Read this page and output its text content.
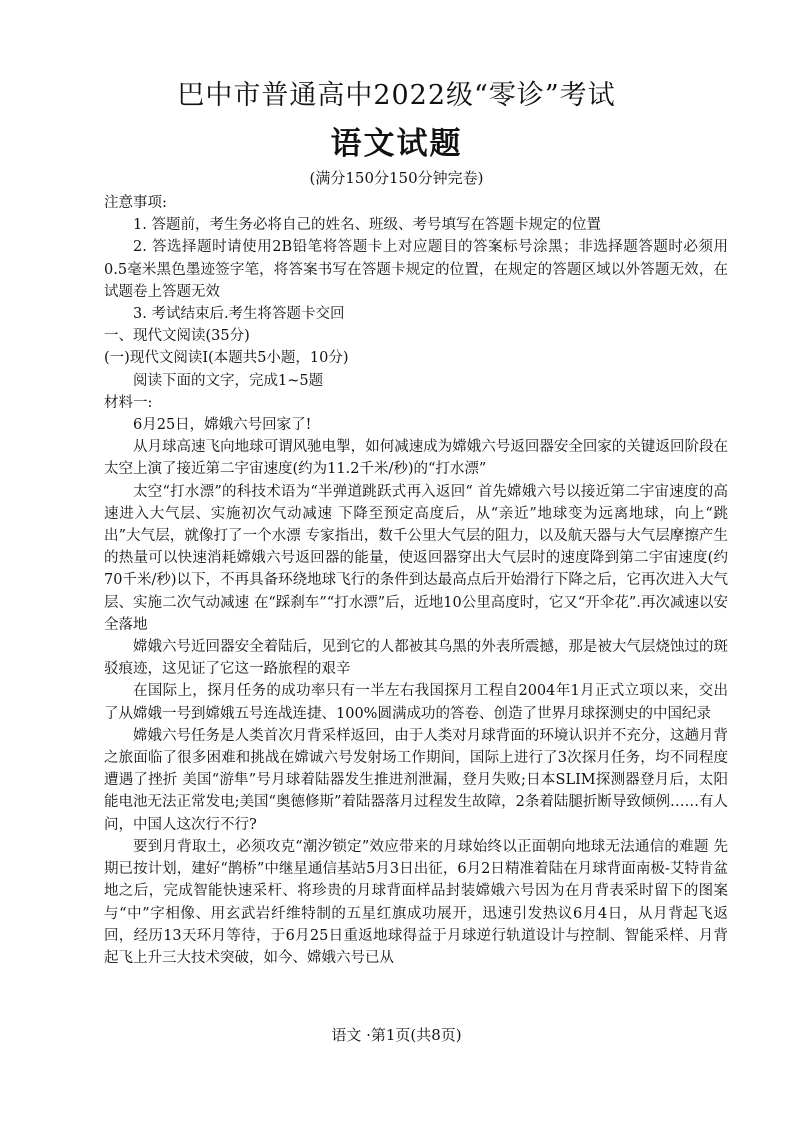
巴中市普通高中2022级“零诊”考试
语文试题
(满分150分150分钟完卷)

注意事项:

1. 答题前，考生务必将自己的姓名、班级、考号填写在答题卡规定的位置

2. 答选择题时请使用2B铅笔将答题卡上对应题目的答案标号涂黑；非选择题答题时必须用0.5毫米黑色墨迹签字笔，将答案书写在答题卡规定的位置，在规定的答题区域以外答题无效，在试题卷上答题无效

3. 考试结束后.考生将答题卡交回

一、现代文阅读(35分)

(一)现代文阅读Ⅰ(本题共5小题，10分)

阅读下面的文字，完成1~5题

材料一:

6月25日，嫦娥六号回家了!

从月球高速飞向地球可谓风驰电掣，如何减速成为嫦娥六号返回器安全回家的关键返回阶段在太空上演了接近第二宇宙速度(约为11.2千米/秒)的“打水漂”

太空“打水漂”的科技术语为“半弹道跳跃式再入返回“ 首先嫦娥六号以接近第二宇宙速度的高速进入大气层、实施初次气动减速 下降至预定高度后，从“亲近”地球变为远离地球，向上“跳出”大气层，就像打了一个水漂 专家指出，数千公里大气层的阻力，以及航天器与大气层摩擦产生的热量可以快速消耗嫦娥六号返回器的能量，使返回器穿出大气层时的速度降到第二宇宙速度(约70千米/秒)以下，不再具备环绕地球飞行的条件到达最高点后开始滑行下降之后，它再次进入大气层、实施二次气动减速 在“踩刹车”“打水漂”后，近地10公里高度时，它又“开伞花”.再次减速以安全落地

嫦娥六号近回器安全着陆后，见到它的人都被其乌黑的外表所震撼，那是被大气层烧蚀过的斑驳痕迹，这见证了它这一路旅程的艰辛

在国际上，探月任务的成功率只有一半左右我国探月工程自2004年1月正式立项以来，交出了从嫦娥一号到嫦娥五号连战连捷、100%圆满成功的答卷、创造了世界月球探测史的中国纪录

嫦娥六号任务是人类首次月背采样返回，由于人类对月球背面的环境认识并不充分，这趟月背之旅面临了很多困难和挑战在嫦诚六号发射场工作期间，国际上进行了3次探月任务，均不同程度遭遇了挫折 美国“游隼”号月球着陆器发生推进剂泄漏，登月失败;日本SLIM探测器登月后，太阳能电池无法正常发电;美国“奥德修斯”着陆器落月过程发生故障，2条着陆腿折断导致倾例……有人问，中国人这次行不行?

要到月背取土，必须攻克“潮汐锁定”效应带来的月球始终以正面朝向地球无法通信的难题 先期已按计划，建好“鹊桥”中继星通信基站5月3日出征，6月2日精准着陆在月球背面南极-艾特肯盆地之后，完成智能快速采杆、将珍贵的月球背面样品封装嫦娥六号因为在月背表采时留下的图案与“中”字相像、用玄武岩纤维特制的五星红旗成功展开，迅速引发热议6月4日，从月背起飞返回，经历13天环月等待，于6月25日重返地球得益于月球逆行轨道设计与控制、智能采样、月背起飞上升三大技术突破，如今、嫦娥六号已从

语文 ·第1页(共8页)
